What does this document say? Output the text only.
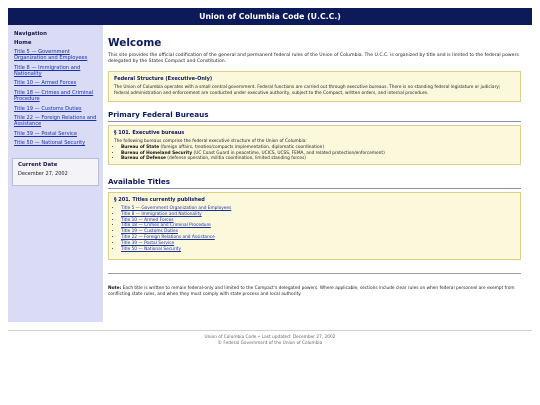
Union of Columbia Code (U.C.C.)
Navigation
Home
Title 5 — Government Organization and Employees
Title 8 — Immigration and Nationality
Title 10 — Armed Forces
Title 18 — Crimes and Criminal Procedure
Title 19 — Customs Duties
Title 22 — Foreign Relations and Assistance
Title 39 — Postal Service
Title 50 — National Security
Current Date
December 27, 2002
Welcome
This site provides the official codification of the general and permanent federal rules of the Union of Columbia. The U.C.C. is organized by title and is limited to the federal powers delegated by the States Compact and Constitution.
Federal Structure (Executive-Only)
The Union of Columbia operates with a small central government. Federal functions are carried out through executive bureaus. There is no standing federal legislature or judiciary; federal administration and enforcement are conducted under executive authority, subject to the Compact, written orders, and internal procedure.
Primary Federal Bureaus
§ 101. Executive bureaus
The following bureaus comprise the federal executive structure of the Union of Columbia:
• Bureau of State (foreign affairs, treaties/compacts implementation, diplomatic coordination)
• Bureau of Homeland Security (UC Coast Guard in peacetime, UCICS, UCSS, FEMA, and related protection/enforcement)
• Bureau of Defense (defense operation, militia coordination, limited standing forces)
Available Titles
§ 201. Titles currently published
• Title 5 — Government Organization and Employees
• Title 8 — Immigration and Nationality
• Title 10 — Armed Forces
• Title 18 — Crimes and Criminal Procedure
• Title 19 — Customs Duties
• Title 22 — Foreign Relations and Assistance
• Title 39 — Postal Service
• Title 50 — National Security
Note: Each title is written to remain federal-only and limited to the Compact's delegated powers. Where applicable, sections include clear rules on when federal personnel are exempt from conflicting state rules, and when they must comply with state process and local authority.
Union of Columbia Code • Last updated: December 27, 2002
© Federal Government of the Union of Columbia
